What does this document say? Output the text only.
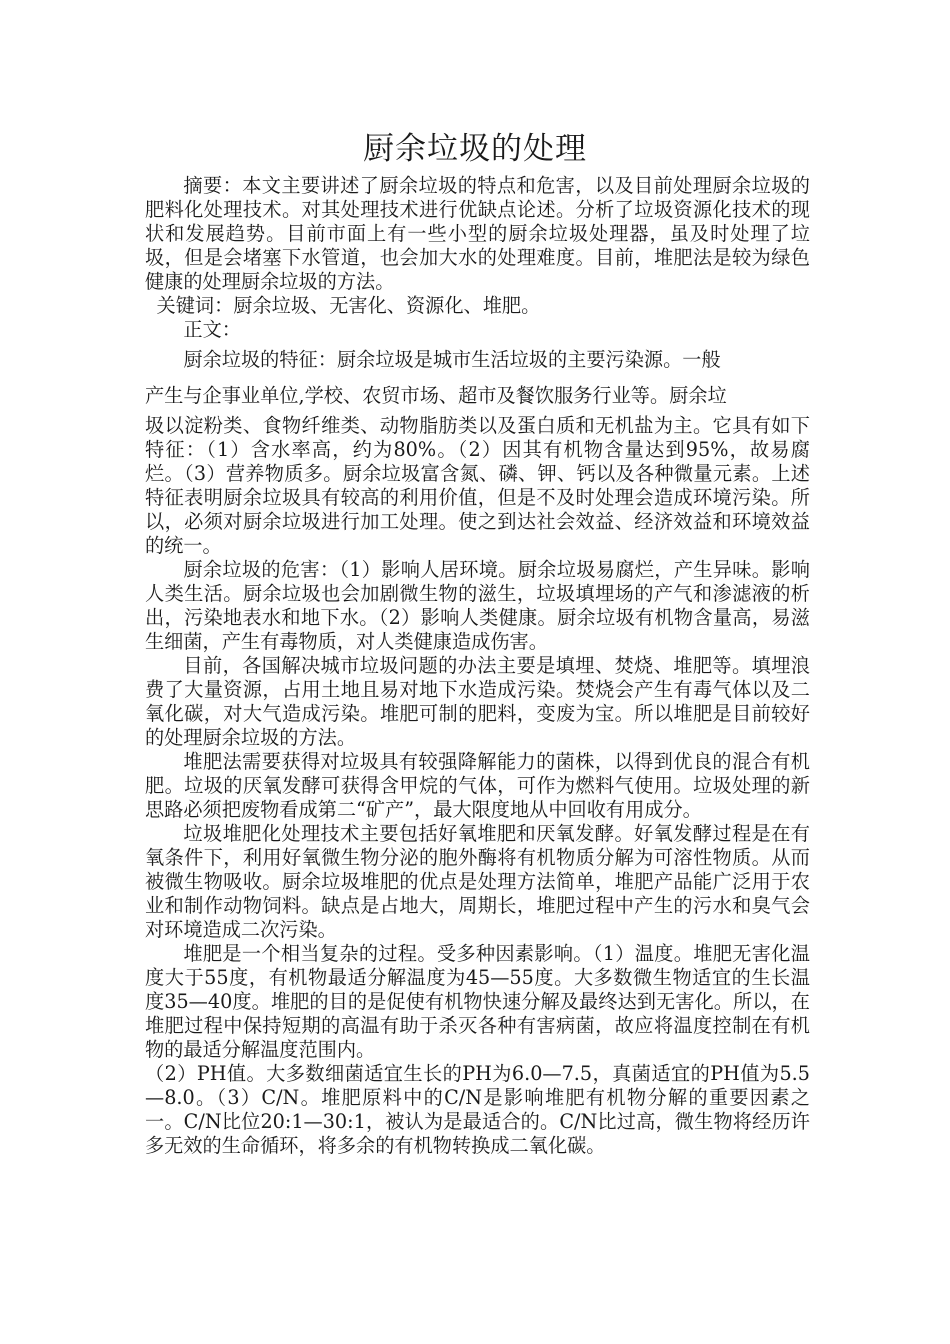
厨余垃圾的处理

摘要：本文主要讲述了厨余垃圾的特点和危害，以及目前处理厨余垃圾的肥料化处理技术。对其处理技术进行优缺点论述。分析了垃圾资源化技术的现状和发展趋势。目前市面上有一些小型的厨余垃圾处理器，虽及时处理了垃圾，但是会堵塞下水管道，也会加大水的处理难度。目前，堆肥法是较为绿色健康的处理厨余垃圾的方法。

关键词：厨余垃圾、无害化、资源化、堆肥。

正文：

厨余垃圾的特征：厨余垃圾是城市生活垃圾的主要污染源。一般

产生与企事业单位,学校、农贸市场、超市及餐饮服务行业等。厨余垃

圾以淀粉类、食物纤维类、动物脂肪类以及蛋白质和无机盐为主。它具有如下特征：（1）含水率高，约为80%。（2）因其有机物含量达到95%，故易腐烂。（3）营养物质多。厨余垃圾富含氮、磷、钾、钙以及各种微量元素。上述特征表明厨余垃圾具有较高的利用价值，但是不及时处理会造成环境污染。所以，必须对厨余垃圾进行加工处理。使之到达社会效益、经济效益和环境效益的统一。

厨余垃圾的危害：（1）影响人居环境。厨余垃圾易腐烂，产生异味。影响人类生活。厨余垃圾也会加剧微生物的滋生，垃圾填埋场的产气和渗滤液的析出，污染地表水和地下水。（2）影响人类健康。厨余垃圾有机物含量高，易滋生细菌，产生有毒物质，对人类健康造成伤害。

目前，各国解决城市垃圾问题的办法主要是填埋、焚烧、堆肥等。填埋浪费了大量资源，占用土地且易对地下水造成污染。焚烧会产生有毒气体以及二氧化碳，对大气造成污染。堆肥可制的肥料，变废为宝。所以堆肥是目前较好的处理厨余垃圾的方法。

堆肥法需要获得对垃圾具有较强降解能力的菌株，以得到优良的混合有机肥。垃圾的厌氧发酵可获得含甲烷的气体，可作为燃料气使用。垃圾处理的新思路必须把废物看成第二“矿产”，最大限度地从中回收有用成分。

垃圾堆肥化处理技术主要包括好氧堆肥和厌氧发酵。好氧发酵过程是在有氧条件下，利用好氧微生物分泌的胞外酶将有机物质分解为可溶性物质。从而被微生物吸收。厨余垃圾堆肥的优点是处理方法简单，堆肥产品能广泛用于农业和制作动物饲料。缺点是占地大，周期长，堆肥过程中产生的污水和臭气会对环境造成二次污染。

堆肥是一个相当复杂的过程。受多种因素影响。（1）温度。堆肥无害化温度大于55度，有机物最适分解温度为45—55度。大多数微生物适宜的生长温度35—40度。堆肥的目的是促使有机物快速分解及最终达到无害化。所以，在堆肥过程中保持短期的高温有助于杀灭各种有害病菌，故应将温度控制在有机物的最适分解温度范围内。

（2）PH值。大多数细菌适宜生长的PH为6.0—7.5，真菌适宜的PH值为5.5—8.0。（3）C/N。堆肥原料中的C/N是影响堆肥有机物分解的重要因素之一。C/N比位20:1—30:1，被认为是最适合的。C/N比过高，微生物将经历许多无效的生命循环，将多余的有机物转换成二氧化碳。
